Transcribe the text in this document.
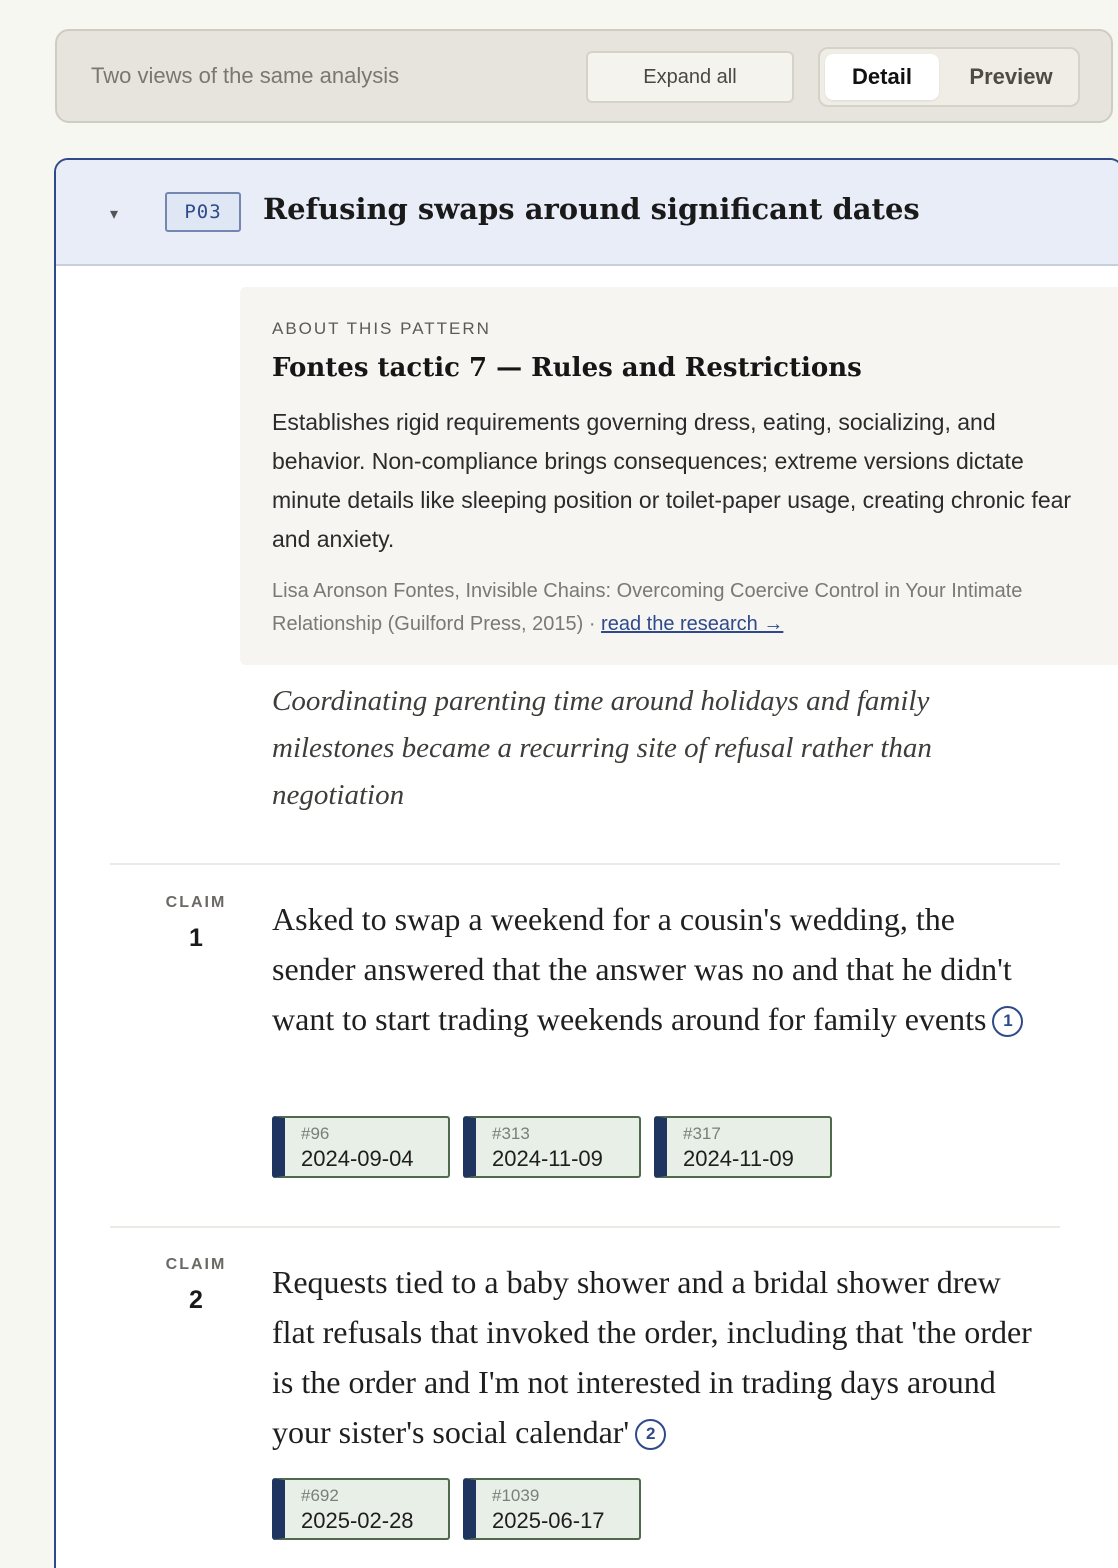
Two views of the same analysis	Expand all	Detail	Preview
▾	P03	Refusing swaps around significant dates
ABOUT THIS PATTERN
Fontes tactic 7 — Rules and Restrictions
Establishes rigid requirements governing dress, eating, socializing, and behavior. Non-compliance brings consequences; extreme versions dictate minute details like sleeping position or toilet-paper usage, creating chronic fear and anxiety.
Lisa Aronson Fontes, Invisible Chains: Overcoming Coercive Control in Your Intimate Relationship (Guilford Press, 2015) · read the research →
Coordinating parenting time around holidays and family milestones became a recurring site of refusal rather than negotiation
CLAIM
1
Asked to swap a weekend for a cousin's wedding, the sender answered that the answer was no and that he didn't want to start trading weekends around for family events 1
#96
2024-09-04
#313
2024-11-09
#317
2024-11-09
CLAIM
2	Requests tied to a baby shower and a bridal shower drew flat refusals that invoked the order, including that 'the order is the order and I'm not interested in trading days around your sister's social calendar' 2
#692
2025-02-28
#1039
2025-06-17
